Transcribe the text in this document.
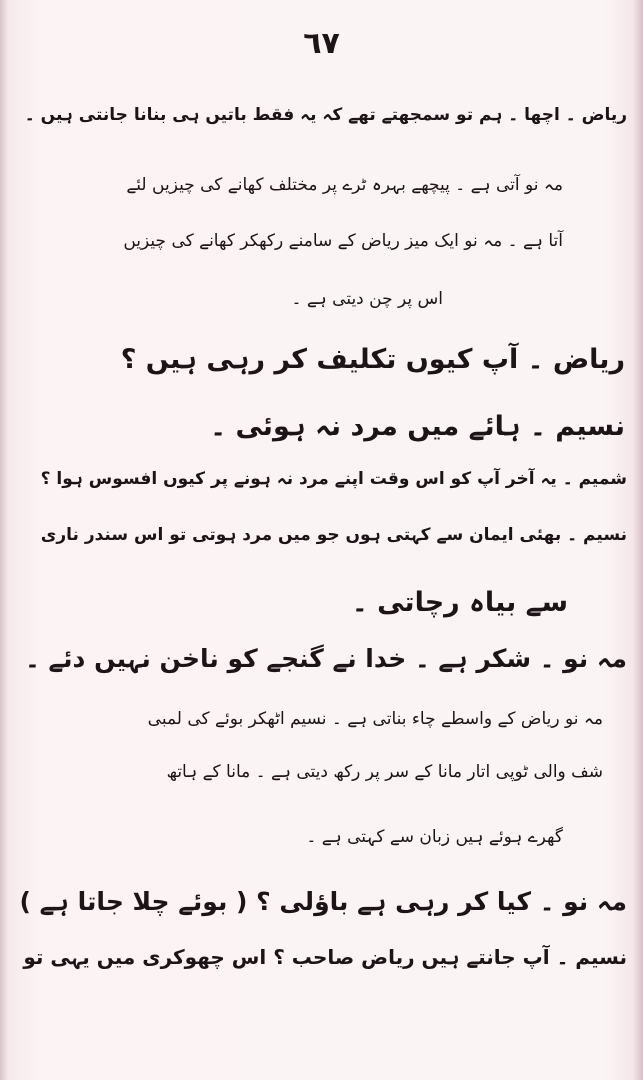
٦٧
ریاض ۔ اچھا ۔ ہم تو سمجھتے تھے کہ یہ فقط باتیں ہی بنانا جانتی ہیں ۔
مہ نو آتی ہے ۔ پیچھے بہرہ ٹرے پر مختلف کھانے کی چیزیں لئے
آتا ہے ۔ مہ نو ایک میز ریاض کے سامنے رکھکر کھانے کی چیزیں
اس پر چن دیتی ہے ۔
ریاض ۔ آپ کیوں تکلیف کر رہی ہیں ؟
نسیم ۔ ہائے میں مرد نہ ہوئی ۔
شمیم ۔ یہ آخر آپ کو اس وقت اپنے مرد نہ ہونے پر کیوں افسوس ہوا ؟
نسیم ۔ بھئی ایمان سے کہتی ہوں جو میں مرد ہوتی تو اس سندر ناری
سے بیاہ رچاتی ۔
مہ نو ۔ شکر ہے ۔ خدا نے گنجے کو ناخن نہیں دئے ۔
مہ نو ریاض کے واسطے چاء بناتی ہے ۔ نسیم اٹھکر بوئے کی لمبی
شف والی ٹوپی اتار مانا کے سر پر رکھ دیتی ہے ۔ مانا کے ہاتھ
گھرے ہوئے ہیں زبان سے کہتی ہے ۔
مہ نو ۔ کیا کر رہی ہے باؤلی ؟ ( بوئے چلا جاتا ہے )
نسیم ۔ آپ جانتے ہیں ریاض صاحب ؟ اس چھوکری میں یہی تو
